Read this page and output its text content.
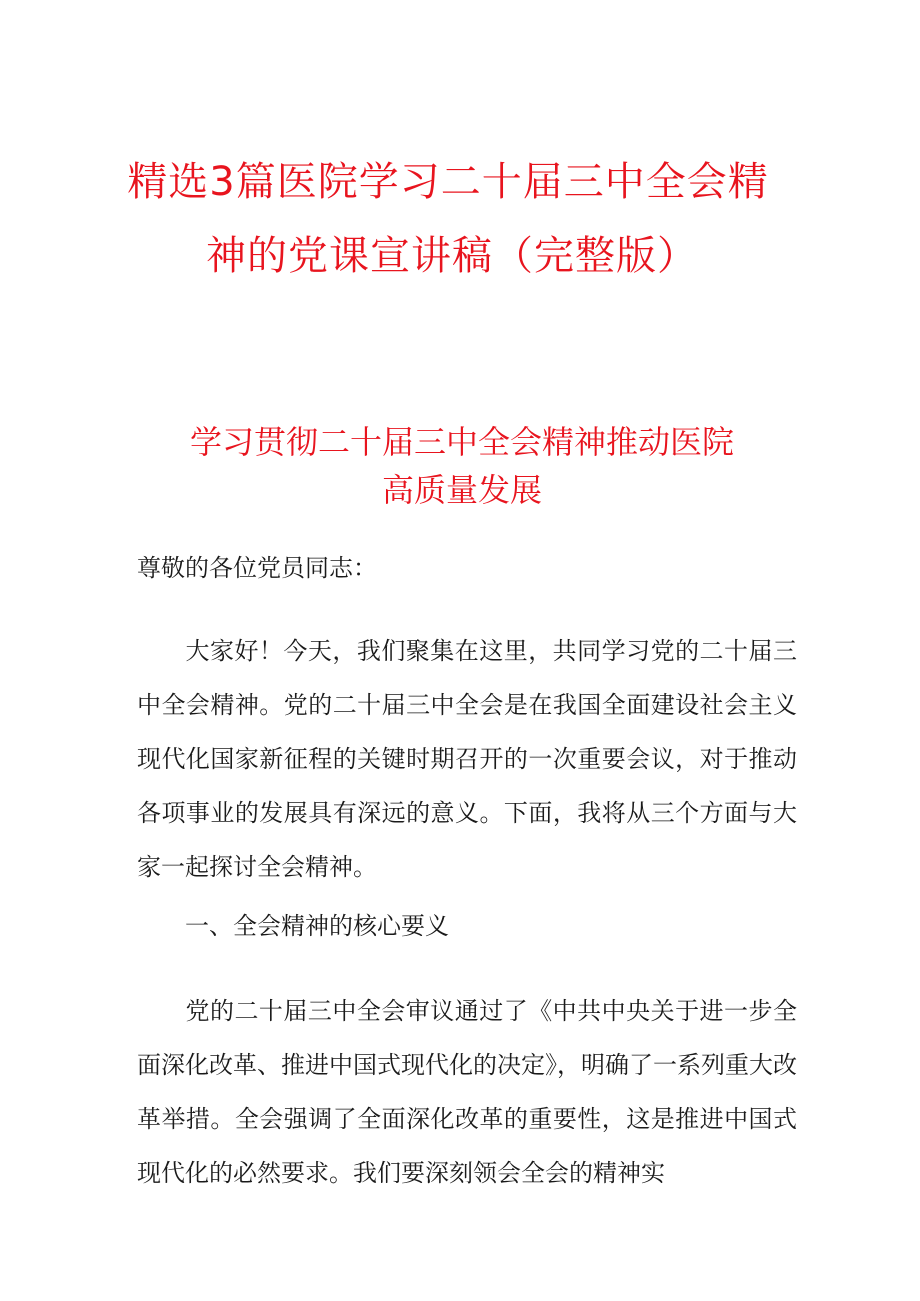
精选3篇医院学习二十届三中全会精
神的党课宣讲稿（完整版）
学习贯彻二十届三中全会精神推动医院
高质量发展

尊敬的各位党员同志：

大家好！今天，我们聚集在这里，共同学习党的二十届三中全会精神。党的二十届三中全会是在我国全面建设社会主义现代化国家新征程的关键时期召开的一次重要会议，对于推动各项事业的发展具有深远的意义。下面，我将从三个方面与大家一起探讨全会精神。

一、全会精神的核心要义

党的二十届三中全会审议通过了《中共中央关于进一步全面深化改革、推进中国式现代化的决定》，明确了一系列重大改革举措。全会强调了全面深化改革的重要性，这是推进中国式现代化的必然要求。我们要深刻领会全会的精神实
